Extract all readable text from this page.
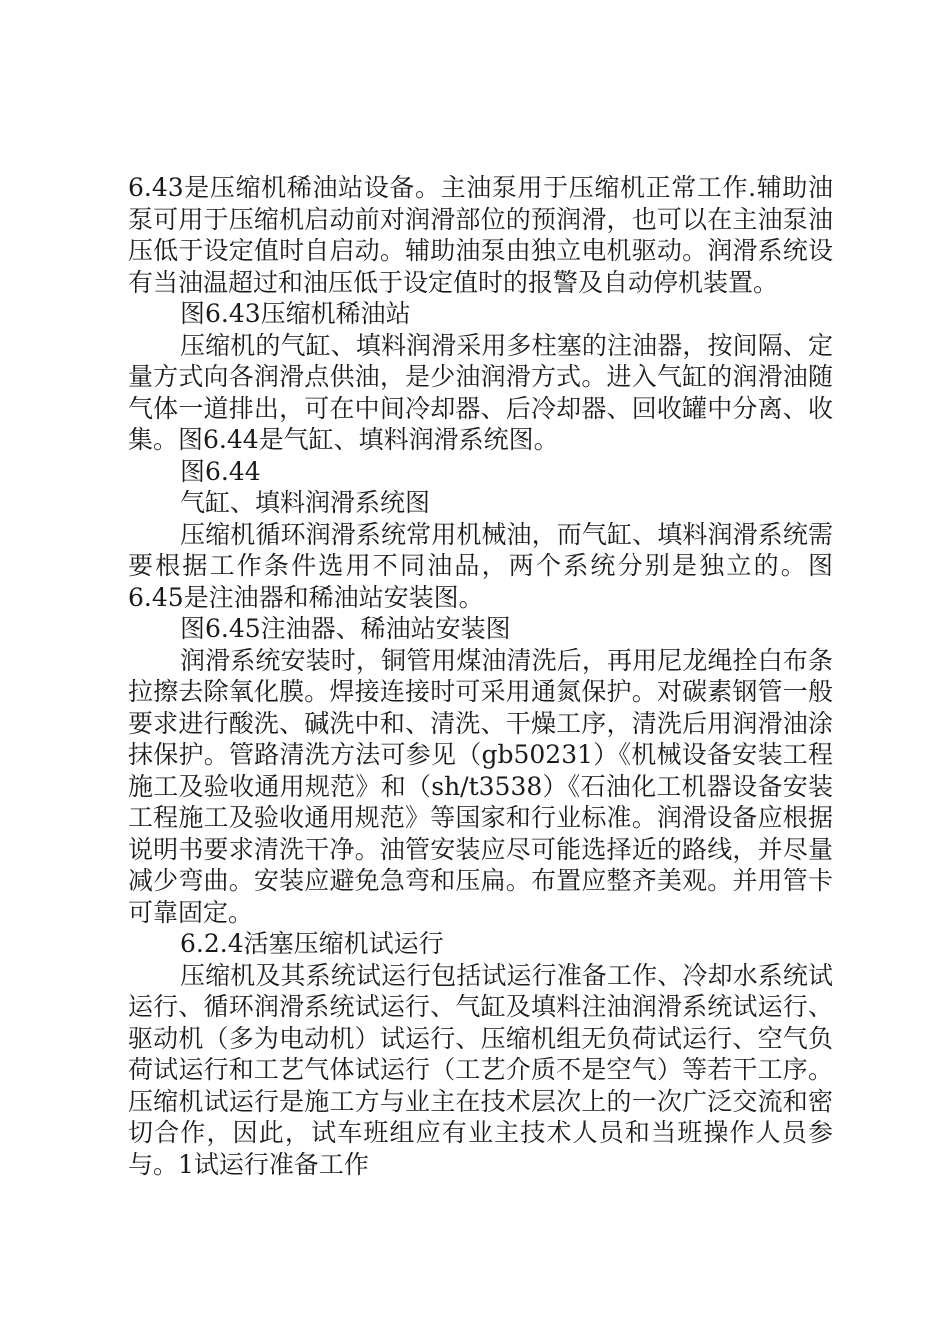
6.43是压缩机稀油站设备。主油泵用于压缩机正常工作.辅助油泵可用于压缩机启动前对润滑部位的预润滑，也可以在主油泵油压低于设定值时自启动。辅助油泵由独立电机驱动。润滑系统设有当油温超过和油压低于设定值时的报警及自动停机装置。

图6.43压缩机稀油站

压缩机的气缸、填料润滑采用多柱塞的注油器，按间隔、定量方式向各润滑点供油，是少油润滑方式。进入气缸的润滑油随气体一道排出，可在中间冷却器、后冷却器、回收罐中分离、收集。图6.44是气缸、填料润滑系统图。

图6.44

气缸、填料润滑系统图

压缩机循环润滑系统常用机械油，而气缸、填料润滑系统需要根据工作条件选用不同油品，两个系统分别是独立的。图6.45是注油器和稀油站安装图。

图6.45注油器、稀油站安装图

润滑系统安装时，铜管用煤油清洗后，再用尼龙绳拴白布条拉擦去除氧化膜。焊接连接时可采用通氮保护。对碳素钢管一般要求进行酸洗、碱洗中和、清洗、干燥工序，清洗后用润滑油涂抹保护。管路清洗方法可参见（gb50231）《机械设备安装工程施工及验收通用规范》和（sh/t3538）《石油化工机器设备安装工程施工及验收通用规范》等国家和行业标准。润滑设备应根据说明书要求清洗干净。油管安装应尽可能选择近的路线，并尽量减少弯曲。安装应避免急弯和压扁。布置应整齐美观。并用管卡可靠固定。

6.2.4活塞压缩机试运行

压缩机及其系统试运行包括试运行准备工作、冷却水系统试运行、循环润滑系统试运行、气缸及填料注油润滑系统试运行、驱动机（多为电动机）试运行、压缩机组无负荷试运行、空气负荷试运行和工艺气体试运行（工艺介质不是空气）等若干工序。压缩机试运行是施工方与业主在技术层次上的一次广泛交流和密切合作，因此，试车班组应有业主技术人员和当班操作人员参与。1试运行准备工作
